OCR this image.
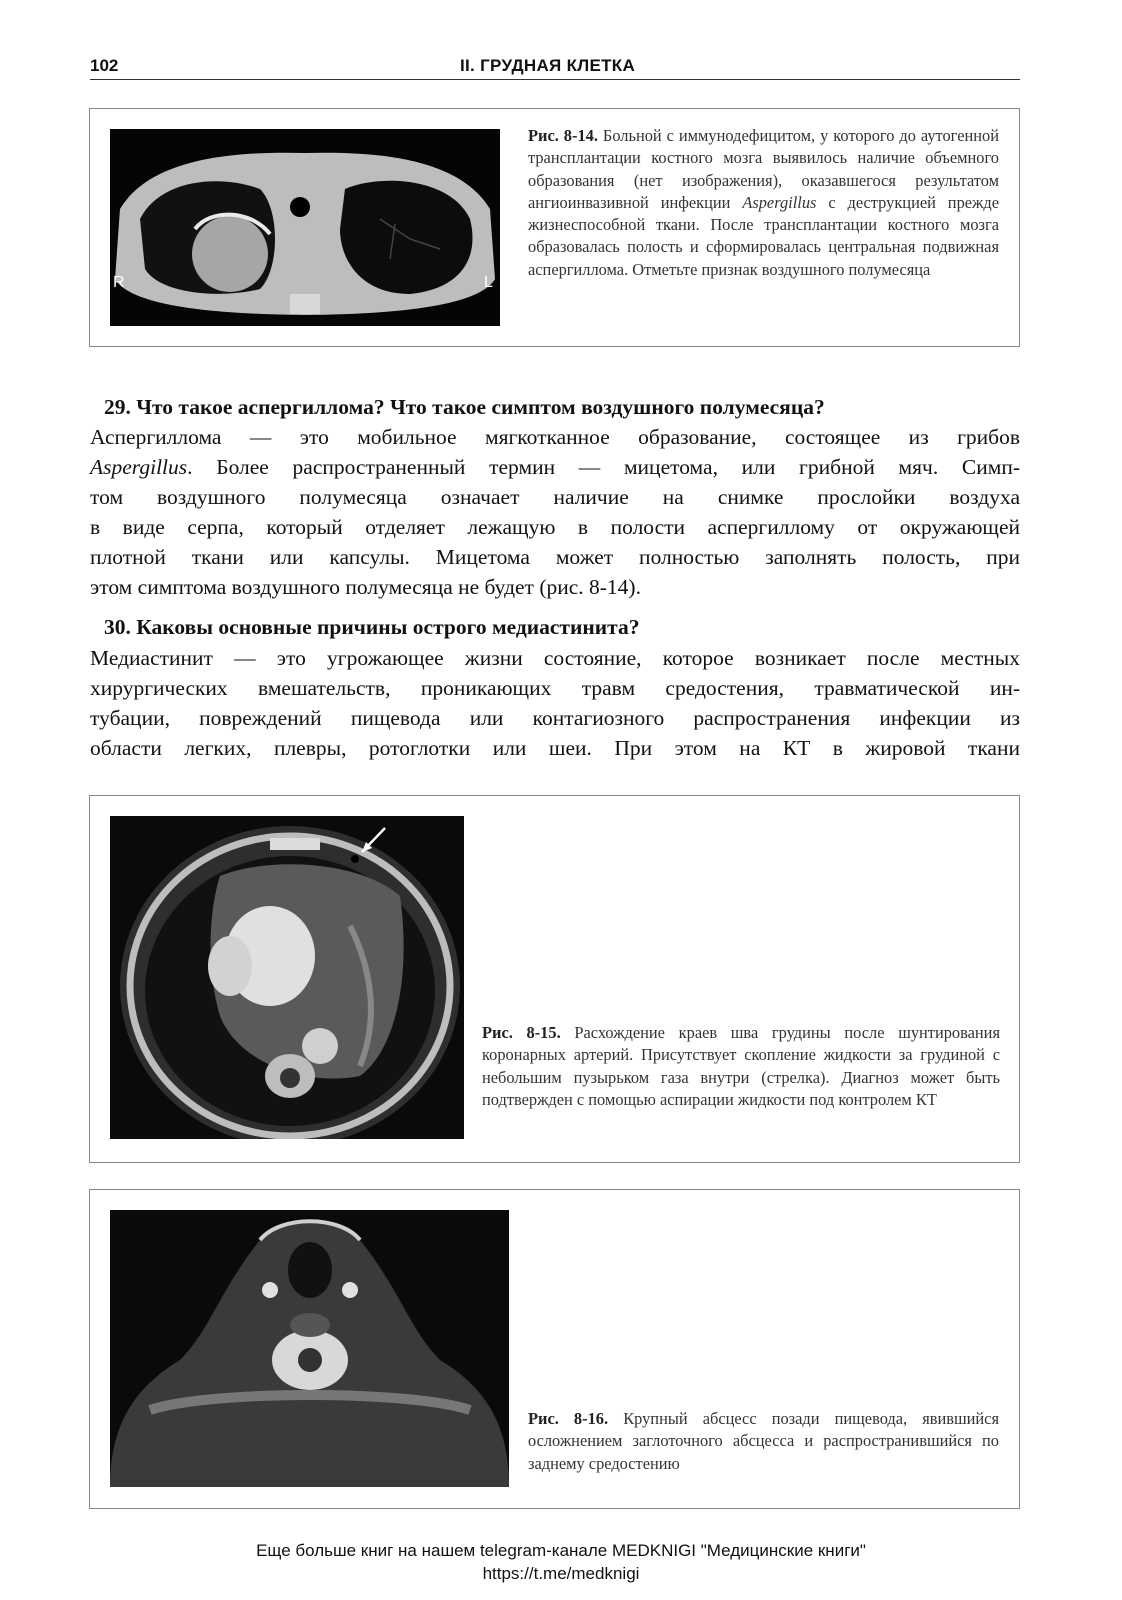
102	II. ГРУДНАЯ КЛЕТКА
R	L
Рис. 8-14. Больной с иммунодефицитом, у которого до аутогенной трансплантации костного мозга выявилось наличие объемного образования (нет изображения), оказавшегося результатом ангиоинвазивной инфекции Aspergillus с деструкцией прежде жизнеспособной ткани. После трансплантации костного мозга образовалась полость и сформировалась центральная подвижная аспергиллома. Отметьте признак воздушного полумесяца
29. Что такое аспергиллома? Что такое симптом воздушного полумесяца?
Аспергиллома — это мобильное мягкотканное образование, состоящее из грибов
Aspergillus. Более распространенный термин — мицетома, или грибной мяч. Симп-
том воздушного полумесяца означает наличие на снимке прослойки воздуха
в виде серпа, который отделяет лежащую в полости аспергиллому от окружающей
плотной ткани или капсулы. Мицетома может полностью заполнять полость, при
этом симптома воздушного полумесяца не будет (рис. 8-14).
30. Каковы основные причины острого медиастинита?
Медиастинит — это угрожающее жизни состояние, которое возникает после местных
хирургических вмешательств, проникающих травм средостения, травматической ин-
тубации, повреждений пищевода или контагиозного распространения инфекции из
области легких, плевры, ротоглотки или шеи. При этом на КТ в жировой ткани
Рис. 8-15. Расхождение краев шва грудины после шунтирования коронарных артерий. Присутствует скопление жидкости за грудиной с небольшим пузырьком газа внутри (стрелка). Диагноз может быть подтвержден с помощью аспирации жидкости под контролем КТ
Рис. 8-16. Крупный абсцесс позади пищевода, явившийся осложнением заглоточного абсцесса и распространившийся по заднему средостению
Еще больше книг на нашем telegram-канале MEDKNIGI "Медицинские книги"
https://t.me/medknigi
